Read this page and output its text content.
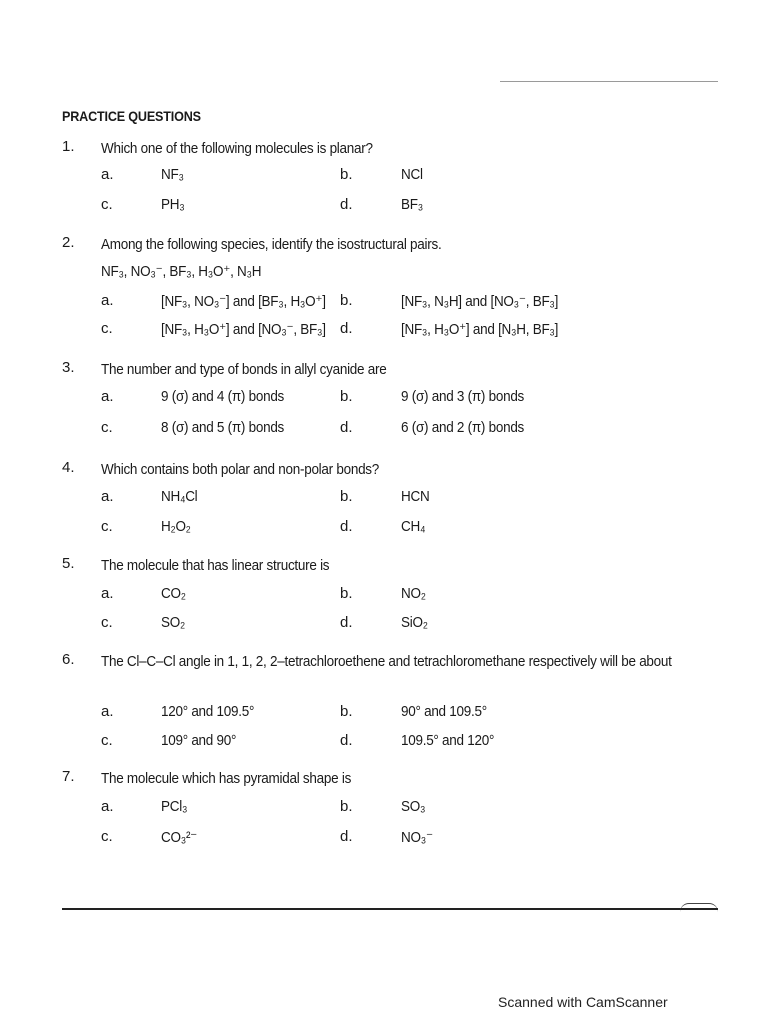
PRACTICE QUESTIONS
1. Which one of the following molecules is planar?
a.	NF₃	b.	NCl
c.	PH₃	d.	BF₃
2. Among the following species, identify the isostructural pairs.
NF₃, NO₃⁻, BF₃, H₃O⁺, N₃H
a.	[NF₃, NO₃⁻] and [BF₃, H₃O⁺] b.	[NF₃, N₃H] and [NO₃⁻, BF₃]
c.	[NF₃, H₃O⁺] and [NO₃⁻, BF₃] d.	[NF₃, H₃O⁺] and [N₃H, BF₃]
3. The number and type of bonds in allyl cyanide are
a.	9 (σ) and 4 (π) bonds	b.	9 (σ) and 3 (π) bonds
c.	8 (σ) and 5 (π) bonds	d.	6 (σ) and 2 (π) bonds
4. Which contains both polar and non-polar bonds?
a.	NH₄Cl	b.	HCN
c.	H₂O₂	d.	CH₄
5. The molecule that has linear structure is
a.	CO₂	b.	NO₂
c.	SO₂	d.	SiO₂
6. The Cl–C–Cl angle in 1, 1, 2, 2–tetrachloroethene and tetrachloromethane respectively will be about
a.	120° and 109.5°	b.	90° and 109.5°
c.	109° and 90°	d.	109.5° and 120°
7. The molecule which has pyramidal shape is
a.	PCl₃	b.	SO₃
c.	CO₃²⁻	d.	NO₃⁻
Scanned with CamScanner
